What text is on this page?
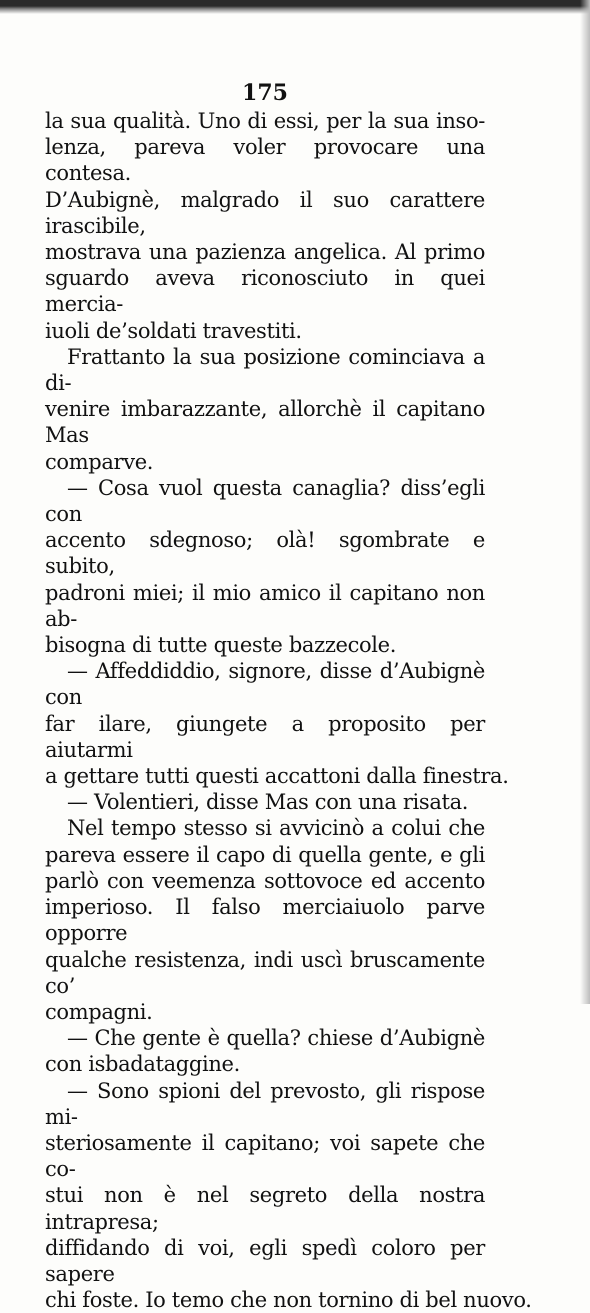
175
la sua qualità. Uno di essi, per la sua inso-
lenza, pareva voler provocare una contesa.
D’Aubignè, malgrado il suo carattere irascibile,
mostrava una pazienza angelica. Al primo
sguardo aveva riconosciuto in quei mercia-
iuoli de’soldati travestiti.
Frattanto la sua posizione cominciava a di-
venire imbarazzante, allorchè il capitano Mas
comparve.
— Cosa vuol questa canaglia? diss’egli con
accento sdegnoso; olà! sgombrate e subito,
padroni miei; il mio amico il capitano non ab-
bisogna di tutte queste bazzecole.
— Affeddiddio, signore, disse d’Aubignè con
far ilare, giungete a proposito per aiutarmi
a gettare tutti questi accattoni dalla finestra.
— Volentieri, disse Mas con una risata.
Nel tempo stesso si avvicinò a colui che
pareva essere il capo di quella gente, e gli
parlò con veemenza sottovoce ed accento
imperioso. Il falso merciaiuolo parve opporre
qualche resistenza, indi uscì bruscamente co’
compagni.
— Che gente è quella? chiese d’Aubignè
con isbadataggine.
— Sono spioni del prevosto, gli rispose mi-
steriosamente il capitano; voi sapete che co-
stui non è nel segreto della nostra intrapresa;
diffidando di voi, egli spedì coloro per sapere
chi foste. Io temo che non tornino di bel nuovo.
